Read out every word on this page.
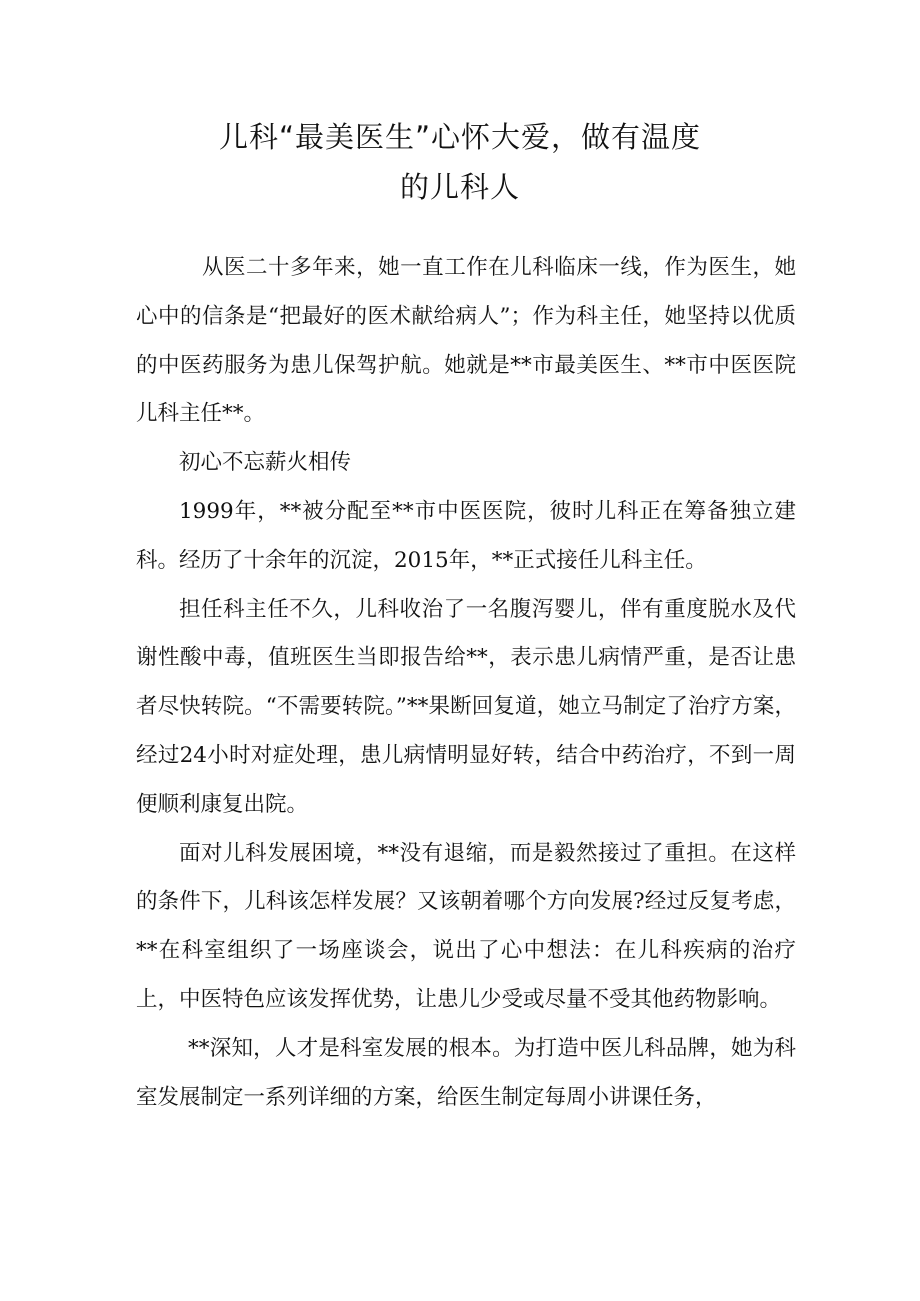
儿科“最美医生”心怀大爱，做有温度
的儿科人

从医二十多年来，她一直工作在儿科临床一线，作为医生，她心中的信条是“把最好的医术献给病人”；作为科主任，她坚持以优质的中医药服务为患儿保驾护航。她就是**市最美医生、**市中医医院儿科主任**。

初心不忘薪火相传

1999年，**被分配至**市中医医院，彼时儿科正在筹备独立建科。经历了十余年的沉淀，2015年，**正式接任儿科主任。

担任科主任不久，儿科收治了一名腹泻婴儿，伴有重度脱水及代谢性酸中毒，值班医生当即报告给**，表示患儿病情严重，是否让患者尽快转院。“不需要转院。”**果断回复道，她立马制定了治疗方案，经过24小时对症处理，患儿病情明显好转，结合中药治疗，不到一周便顺利康复出院。

面对儿科发展困境，**没有退缩，而是毅然接过了重担。在这样的条件下，儿科该怎样发展？又该朝着哪个方向发展?经过反复考虑，**在科室组织了一场座谈会，说出了心中想法：在儿科疾病的治疗上，中医特色应该发挥优势，让患儿少受或尽量不受其他药物影响。

**深知，人才是科室发展的根本。为打造中医儿科品牌，她为科室发展制定一系列详细的方案，给医生制定每周小讲课任务，
